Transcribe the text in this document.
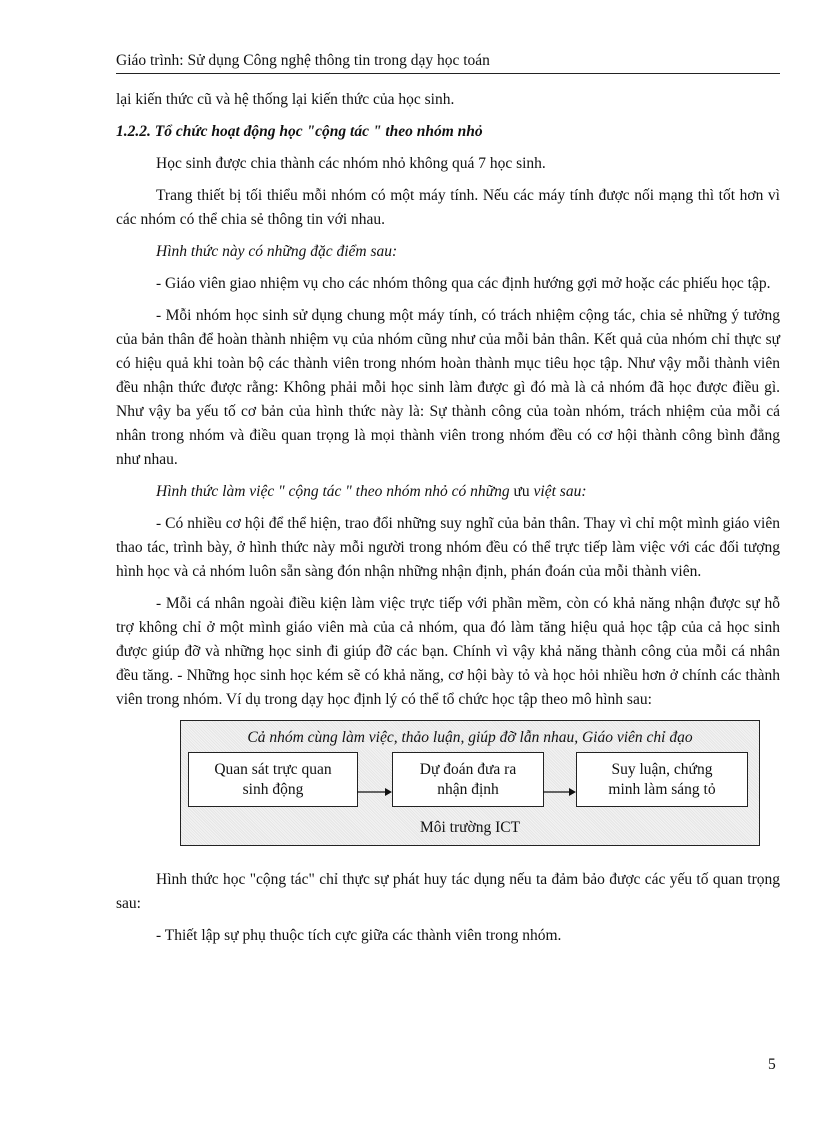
Giáo trình: Sử dụng Công nghệ thông tin trong dạy học toán

lại kiến thức cũ và hệ thống lại kiến thức của học sinh.

1.2.2. Tổ chức hoạt động học "cộng tác " theo nhóm nhỏ

Học sinh được chia thành các nhóm nhỏ không quá 7 học sinh.

Trang thiết bị tối thiểu mỗi nhóm có một máy tính. Nếu các máy tính được nối mạng thì tốt hơn vì các nhóm có thể chia sẻ thông tin với nhau.

Hình thức này có những đặc điểm sau:

- Giáo viên giao nhiệm vụ cho các nhóm thông qua các định hướng gợi mở hoặc các phiếu học tập.

- Mỗi nhóm học sinh sử dụng chung một máy tính, có trách nhiệm cộng tác, chia sẻ những ý tưởng của bản thân để hoàn thành nhiệm vụ của nhóm cũng như của mỗi bản thân. Kết quả của nhóm chỉ thực sự có hiệu quả khi toàn bộ các thành viên trong nhóm hoàn thành mục tiêu học tập. Như vậy mỗi thành viên đều nhận thức được rằng: Không phải mỗi học sinh làm được gì đó mà là cả nhóm đã học được điều gì. Như vậy ba yếu tố cơ bản của hình thức này là: Sự thành công của toàn nhóm, trách nhiệm của mỗi cá nhân trong nhóm và điều quan trọng là mọi thành viên trong nhóm đều có cơ hội thành công bình đẳng như nhau.

Hình thức làm việc " cộng tác " theo nhóm nhỏ có những ưu việt sau:

- Có nhiều cơ hội để thể hiện, trao đổi những suy nghĩ của bản thân. Thay vì chỉ một mình giáo viên thao tác, trình bày, ở hình thức này mỗi người trong nhóm đều có thể trực tiếp làm việc với các đối tượng hình học và cả nhóm luôn sẵn sàng đón nhận những nhận định, phán đoán của mỗi thành viên.

- Mỗi cá nhân ngoài điều kiện làm việc trực tiếp với phần mềm, còn có khả năng nhận được sự hỗ trợ không chỉ ở một mình giáo viên mà của cả nhóm, qua đó làm tăng hiệu quả học tập của cả học sinh được giúp đỡ và những học sinh đi giúp đỡ các bạn. Chính vì vậy khả năng thành công của mỗi cá nhân đều tăng. - Những học sinh học kém sẽ có khả năng, cơ hội bày tỏ và học hỏi nhiều hơn ở chính các thành viên trong nhóm. Ví dụ trong dạy học định lý có thể tổ chức học tập theo mô hình sau:

Cả nhóm cùng làm việc, thảo luận, giúp đỡ lẫn nhau, Giáo viên chỉ đạo
Quan sát trực quan
sinh động
Dự đoán đưa ra
nhận định
Suy luận, chứng
minh làm sáng tỏ
Môi trường ICT

Hình thức học "cộng tác" chỉ thực sự phát huy tác dụng nếu ta đảm bảo được các yếu tố quan trọng sau:

- Thiết lập sự phụ thuộc tích cực giữa các thành viên trong nhóm.

5
